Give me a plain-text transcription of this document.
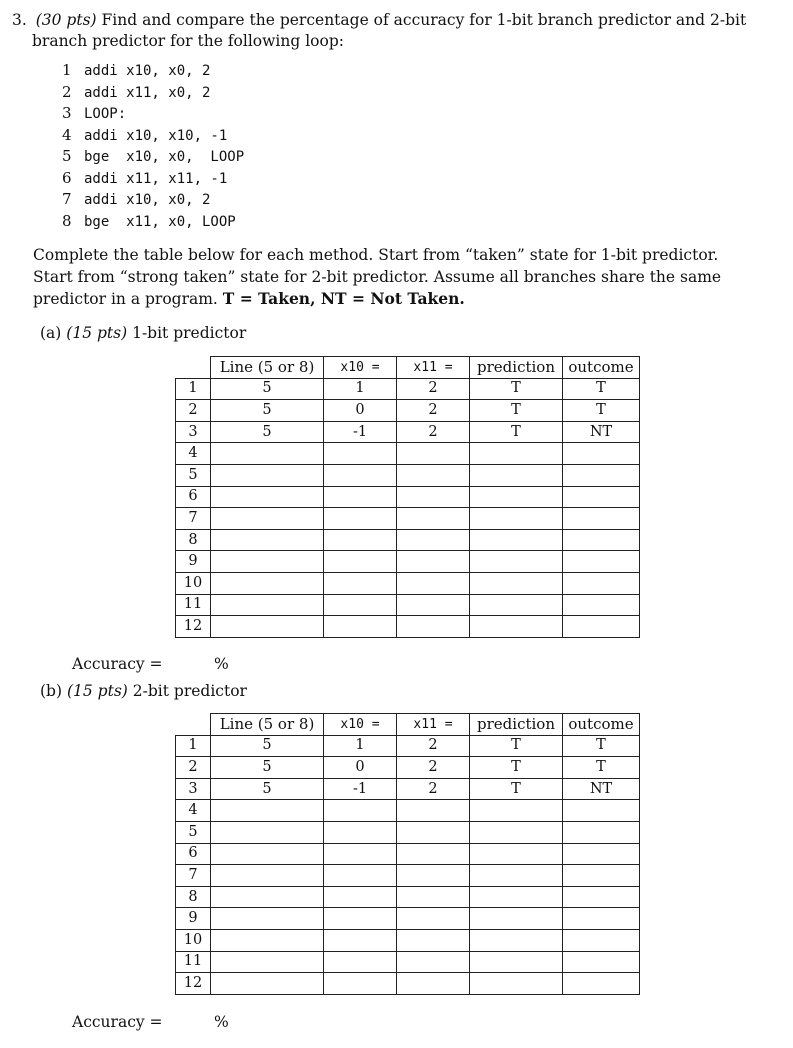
3. (30 pts) Find and compare the percentage of accuracy for 1-bit branch predictor and 2-bit
branch predictor for the following loop:
1 addi x10, x0, 2
2 addi x11, x0, 2
3 LOOP:
4 addi x10, x10, -1
5 bge  x10, x0,  LOOP
6 addi x11, x11, -1
7 addi x10, x0, 2
8 bge  x11, x0, LOOP
Complete the table below for each method. Start from “taken” state for 1-bit predictor. Start from “strong taken” state for 2-bit predictor. Assume all branches share the same predictor in a program. T = Taken, NT = Not Taken.
(a) (15 pts) 1-bit predictor
	Line (5 or 8)	x10 =	x11 =	prediction	outcome
1	5	1	2	T	T
2	5	0	2	T	T
3	5	-1	2	T	NT
4					
5					
6					
7					
8					
9					
10					
11					
12					
Accuracy =	%
(b) (15 pts) 2-bit predictor
	Line (5 or 8)	x10 =	x11 =	prediction	outcome
1	5	1	2	T	T
2	5	0	2	T	T
3	5	-1	2	T	NT
4					
5					
6					
7					
8					
9					
10					
11					
12					
Accuracy =	%
